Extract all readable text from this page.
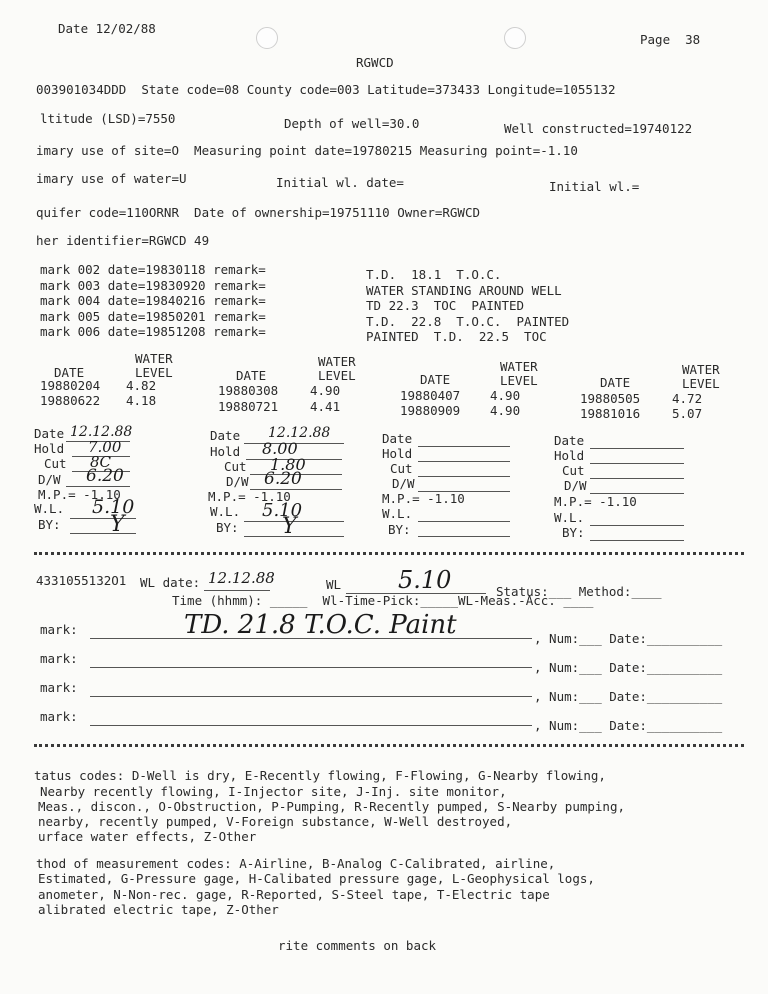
Date 12/02/88
Page  38
RGWCD
003901034DDD  State code=08 County code=003 Latitude=373433 Longitude=1055132
ltitude (LSD)=7550	Depth of well=30.0	Well constructed=19740122
imary use of site=O  Measuring point date=19780215 Measuring point=-1.10
imary use of water=U	Initial wl. date=	Initial wl.=
quifer code=110ORNR  Date of ownership=19751110 Owner=RGWCD
her identifier=RGWCD 49
mark 002 date=19830118 remark=	T.D.  18.1  T.O.C.
mark 003 date=19830920 remark=	WATER STANDING AROUND WELL
mark 004 date=19840216 remark=	TD 22.3  TOC  PAINTED
mark 005 date=19850201 remark=	T.D.  22.8  T.O.C.  PAINTED
mark 006 date=19851208 remark=	PAINTED  T.D.  22.5  TOC
WATER
DATE	LEVEL
19880204 4.82
19880622 4.18
WATER
DATE	LEVEL
19880308	4.90
19880721	4.41
WATER
DATE	LEVEL
19880407 4.90
19880909 4.90
WATER
DATE	LEVEL
19880505	4.72
19881016	5.07
Date 12.12.88
Hold 7.00
Cut 8C
D/W 6.20
M.P.= -1.10
W.L. 5.10
BY: Y
Date 12.12.88
Hold 8.00
Cut 1.80
D/W 6.20
M.P.= -1.10
W.L. 5.10
BY: Y
Date
Hold
Cut
D/W
M.P.= -1.10
W.L.
BY:
Date
Hold
Cut
D/W
M.P.= -1.10
W.L.
BY:
4331055132O1 WL date: 12.12.88	WL 5.10	Status:___ Method:____
Time (hhmm): _____  Wl-Time-Pick:_____WL-Meas.-Acc. ____
mark:	TD. 21.8 T.O.C. Paint	, Num:___ Date:__________
mark:
, Num:___ Date:__________
mark:
, Num:___ Date:__________
mark:
, Num:___ Date:__________
tatus codes: D-Well is dry, E-Recently flowing, F-Flowing, G-Nearby flowing,
Nearby recently flowing, I-Injector site, J-Inj. site monitor,
Meas., discon., O-Obstruction, P-Pumping, R-Recently pumped, S-Nearby pumping,
nearby, recently pumped, V-Foreign substance, W-Well destroyed,
urface water effects, Z-Other
thod of measurement codes: A-Airline, B-Analog C-Calibrated, airline,
Estimated, G-Pressure gage, H-Calibated pressure gage, L-Geophysical logs,
anometer, N-Non-rec. gage, R-Reported, S-Steel tape, T-Electric tape
alibrated electric tape, Z-Other
rite comments on back
